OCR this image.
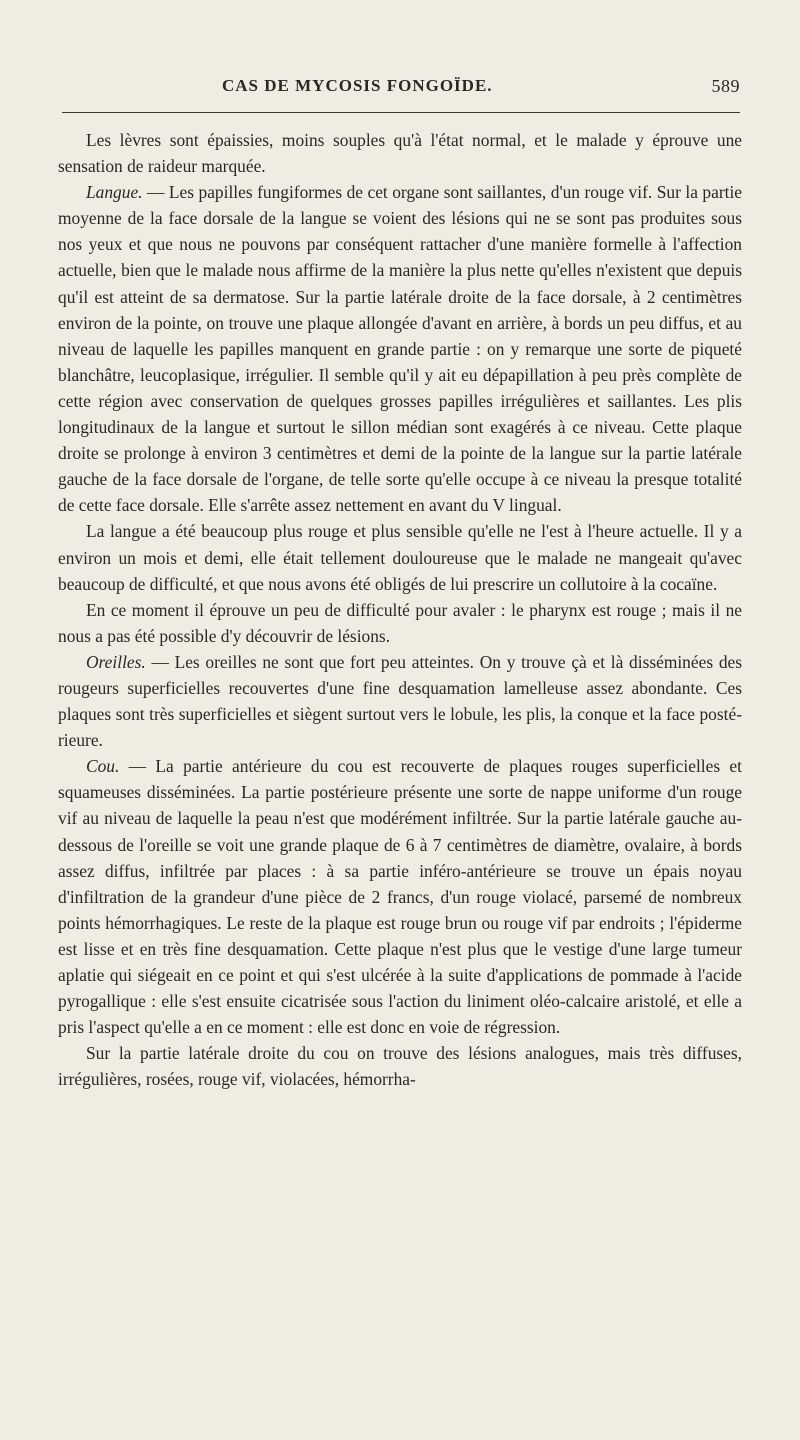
CAS DE MYCOSIS FONGOÏDE.	589

Les lèvres sont épaissies, moins souples qu'à l'état normal, et le malade y éprouve une sensation de raideur marquée.

Langue. — Les papilles fungiformes de cet organe sont saillantes, d'un rouge vif. Sur la partie moyenne de la face dorsale de la langue se voient des lésions qui ne se sont pas produites sous nos yeux et que nous ne pouvons par conséquent rattacher d'une manière formelle à l'affection actuelle, bien que le malade nous affirme de la manière la plus nette qu'elles n'existent que depuis qu'il est atteint de sa dermatose. Sur la partie latérale droite de la face dorsale, à 2 centimètres environ de la pointe, on trouve une plaque allongée d'avant en arrière, à bords un peu diffus, et au niveau de laquelle les papilles manquent en grande partie : on y remarque une sorte de piqueté blanchâtre, leucoplasique, irrégulier. Il semble qu'il y ait eu dépapillation à peu près complète de cette région avec conservation de quelques grosses papilles irrégulières et saillantes. Les plis longitudinaux de la langue et surtout le sillon médian sont exagérés à ce niveau. Cette plaque droite se prolonge à environ 3 centimètres et demi de la pointe de la langue sur la partie latérale gauche de la face dorsale de l'organe, de telle sorte qu'elle occupe à ce niveau la presque totalité de cette face dorsale. Elle s'arrête assez nettement en avant du V lingual.

La langue a été beaucoup plus rouge et plus sensible qu'elle ne l'est à l'heure actuelle. Il y a environ un mois et demi, elle était tellement douloureuse que le malade ne mangeait qu'avec beaucoup de difficulté, et que nous avons été obligés de lui prescrire un collutoire à la cocaïne.

En ce moment il éprouve un peu de difficulté pour avaler : le pharynx est rouge ; mais il ne nous a pas été possible d'y découvrir de lésions.

Oreilles. — Les oreilles ne sont que fort peu atteintes. On y trouve çà et là disséminées des rougeurs superficielles recouvertes d'une fine desquamation lamelleuse assez abondante. Ces plaques sont très superficielles et siègent surtout vers le lobule, les plis, la conque et la face postérieure.

Cou. — La partie antérieure du cou est recouverte de plaques rouges superficielles et squameuses disséminées. La partie postérieure présente une sorte de nappe uniforme d'un rouge vif au niveau de laquelle la peau n'est que modérément infiltrée. Sur la partie latérale gauche au-dessous de l'oreille se voit une grande plaque de 6 à 7 centimètres de diamètre, ovalaire, à bords assez diffus, infiltrée par places : à sa partie inféro-antérieure se trouve un épais noyau d'infiltration de la grandeur d'une pièce de 2 francs, d'un rouge violacé, parsemé de nombreux points hémorrhagiques. Le reste de la plaque est rouge brun ou rouge vif par endroits ; l'épiderme est lisse et en très fine desquamation. Cette plaque n'est plus que le vestige d'une large tumeur aplatie qui siégeait en ce point et qui s'est ulcérée à la suite d'applications de pommade à l'acide pyrogallique : elle s'est ensuite cicatrisée sous l'action du liniment oléo-calcaire aristolé, et elle a pris l'aspect qu'elle a en ce moment : elle est donc en voie de régression.

Sur la partie latérale droite du cou on trouve des lésions analogues, mais très diffuses, irrégulières, rosées, rouge vif, violacées, hémorrha-
